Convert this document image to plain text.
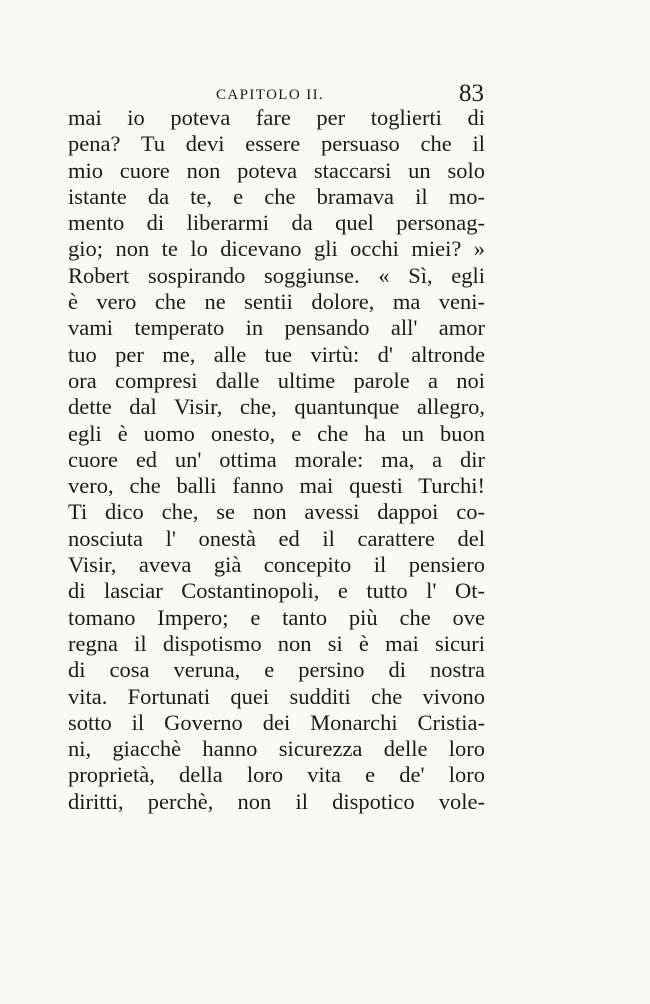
CAPITOLO II.	83
mai io poteva fare per toglierti di
pena? Tu devi essere persuaso che il
mio cuore non poteva staccarsi un solo
istante da te, e che bramava il mo-
mento di liberarmi da quel personag-
gio; non te lo dicevano gli occhi miei? »
Robert sospirando soggiunse. « Sì, egli
è vero che ne sentii dolore, ma veni-
vami temperato in pensando all' amor
tuo per me, alle tue virtù: d' altronde
ora compresi dalle ultime parole a noi
dette dal Visir, che, quantunque allegro,
egli è uomo onesto, e che ha un buon
cuore ed un' ottima morale: ma, a dir
vero, che balli fanno mai questi Turchi!
Ti dico che, se non avessi dappoi co-
nosciuta l' onestà ed il carattere del
Visir, aveva già concepito il pensiero
di lasciar Costantinopoli, e tutto l' Ot-
tomano Impero; e tanto più che ove
regna il dispotismo non si è mai sicuri
di cosa veruna, e persino di nostra
vita. Fortunati quei sudditi che vivono
sotto il Governo dei Monarchi Cristia-
ni, giacchè hanno sicurezza delle loro
proprietà, della loro vita e de' loro
diritti, perchè, non il dispotico vole-
